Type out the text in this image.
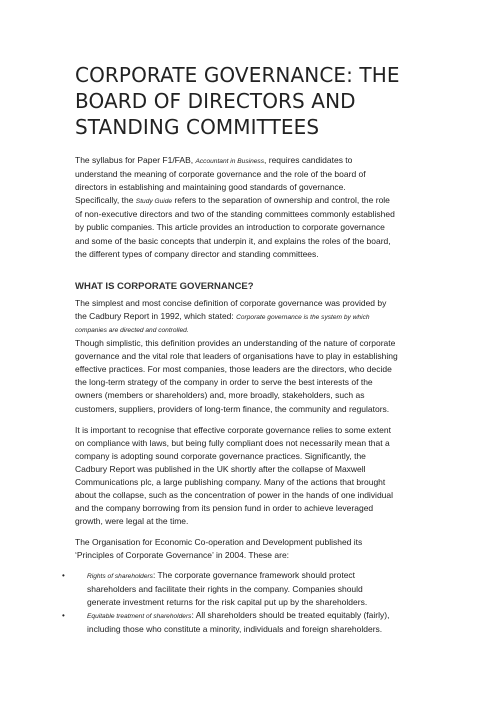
CORPORATE GOVERNANCE: THE
BOARD OF DIRECTORS AND
STANDING COMMITTEES

The syllabus for Paper F1/FAB, Accountant in Business, requires candidates to
understand the meaning of corporate governance and the role of the board of
directors in establishing and maintaining good standards of governance.
Specifically, the Study Guide refers to the separation of ownership and control, the role
of non-executive directors and two of the standing committees commonly established
by public companies. This article provides an introduction to corporate governance
and some of the basic concepts that underpin it, and explains the roles of the board,
the different types of company director and standing committees.

WHAT IS CORPORATE GOVERNANCE?

The simplest and most concise definition of corporate governance was provided by
the Cadbury Report in 1992, which stated: Corporate governance is the system by which
companies are directed and controlled.

Though simplistic, this definition provides an understanding of the nature of corporate
governance and the vital role that leaders of organisations have to play in establishing
effective practices. For most companies, those leaders are the directors, who decide
the long-term strategy of the company in order to serve the best interests of the
owners (members or shareholders) and, more broadly, stakeholders, such as
customers, suppliers, providers of long-term finance, the community and regulators.

It is important to recognise that effective corporate governance relies to some extent
on compliance with laws, but being fully compliant does not necessarily mean that a
company is adopting sound corporate governance practices. Significantly, the
Cadbury Report was published in the UK shortly after the collapse of Maxwell
Communications plc, a large publishing company. Many of the actions that brought
about the collapse, such as the concentration of power in the hands of one individual
and the company borrowing from its pension fund in order to achieve leveraged
growth, were legal at the time.

The Organisation for Economic Co-operation and Development published its
‘Principles of Corporate Governance’ in 2004. These are:

•	Rights of shareholders: The corporate governance framework should protect
shareholders and facilitate their rights in the company. Companies should
generate investment returns for the risk capital put up by the shareholders.
•	Equitable treatment of shareholders: All shareholders should be treated equitably (fairly),
including those who constitute a minority, individuals and foreign shareholders.
